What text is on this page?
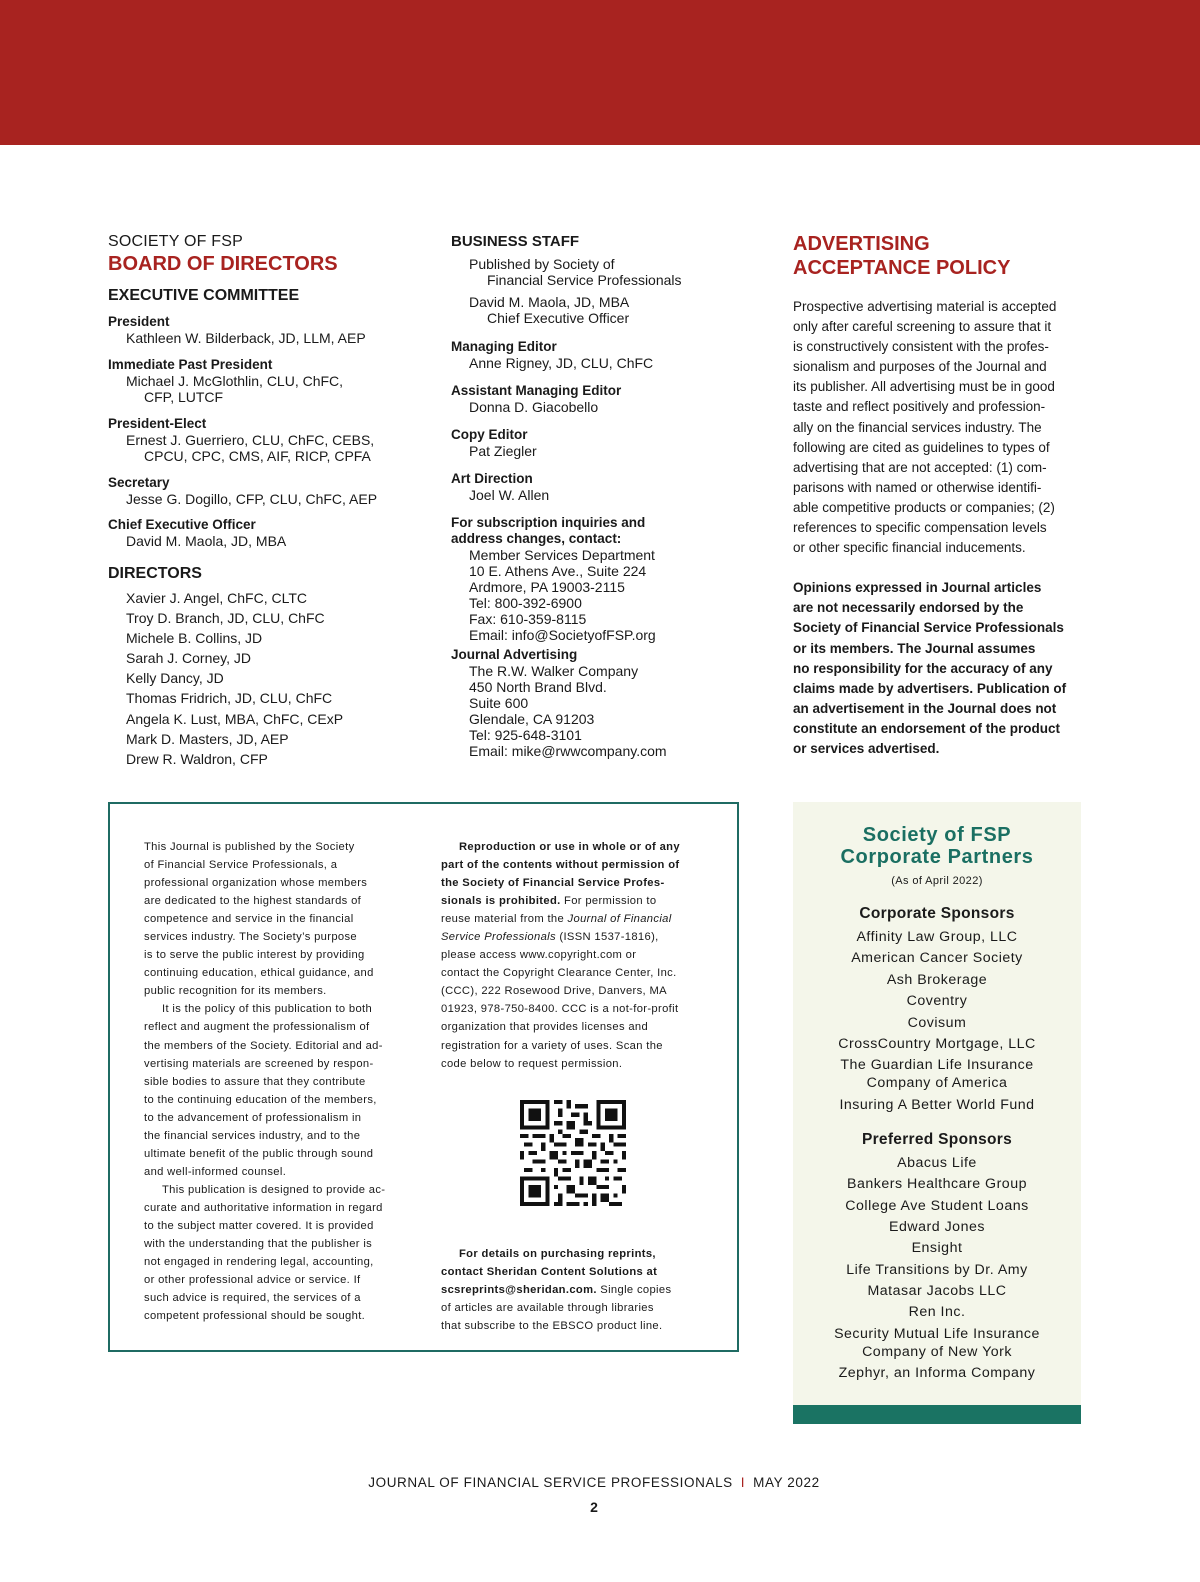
SOCIETY OF FSP

BOARD OF DIRECTORS

EXECUTIVE COMMITTEE

President

Kathleen W. Bilderback, JD, LLM, AEP

Immediate Past President

Michael J. McGlothlin, CLU, ChFC,

CFP, LUTCF

President-Elect

Ernest J. Guerriero, CLU, ChFC, CEBS,

CPCU, CPC, CMS, AIF, RICP, CPFA

Secretary

Jesse G. Dogillo, CFP, CLU, ChFC, AEP

Chief Executive Officer

David M. Maola, JD, MBA

DIRECTORS

Xavier J. Angel, ChFC, CLTC

Troy D. Branch, JD, CLU, ChFC

Michele B. Collins, JD

Sarah J. Corney, JD

Kelly Dancy, JD

Thomas Fridrich, JD, CLU, ChFC

Angela K. Lust, MBA, ChFC, CExP

Mark D. Masters, JD, AEP

Drew R. Waldron, CFP

BUSINESS STAFF

Published by Society of

Financial Service Professionals

David M. Maola, JD, MBA

Chief Executive Officer

Managing Editor

Anne Rigney, JD, CLU, ChFC

Assistant Managing Editor

Donna D. Giacobello

Copy Editor

Pat Ziegler

Art Direction

Joel W. Allen

For subscription inquiries and

address changes, contact:

Member Services Department

10 E. Athens Ave., Suite 224

Ardmore, PA 19003-2115

Tel: 800-392-6900

Fax: 610-359-8115

Email: info@SocietyofFSP.org

Journal Advertising

The R.W. Walker Company

450 North Brand Blvd.

Suite 600

Glendale, CA 91203

Tel: 925-648-3101

Email: mike@rwwcompany.com

ADVERTISING

ACCEPTANCE POLICY

Prospective advertising material is accepted

only after careful screening to assure that it

is constructively consistent with the profes-

sionalism and purposes of the Journal and

its publisher. All advertising must be in good

taste and reflect positively and profession-

ally on the financial services industry. The

following are cited as guidelines to types of

advertising that are not accepted: (1) com-

parisons with named or otherwise identifi-

able competitive products or companies; (2)

references to specific compensation levels

or other specific financial inducements.

Opinions expressed in Journal articles

are not necessarily endorsed by the

Society of Financial Service Professionals

or its members. The Journal assumes

no responsibility for the accuracy of any

claims made by advertisers. Publication of

an advertisement in the Journal does not

constitute an endorsement of the product

or services advertised.

This Journal is published by the Society

of Financial Service Professionals, a

professional organization whose members

are dedicated to the highest standards of

competence and service in the financial

services industry. The Society’s purpose

is to serve the public interest by providing

continuing education, ethical guidance, and

public recognition for its members.

It is the policy of this publication to both

reflect and augment the professionalism of

the members of the Society. Editorial and ad-

vertising materials are screened by respon-

sible bodies to assure that they contribute

to the continuing education of the members,

to the advancement of professionalism in

the financial services industry, and to the

ultimate benefit of the public through sound

and well-informed counsel.

This publication is designed to provide ac-

curate and authoritative information in regard

to the subject matter covered. It is provided

with the understanding that the publisher is

not engaged in rendering legal, accounting,

or other professional advice or service. If

such advice is required, the services of a

competent professional should be sought.

Reproduction or use in whole or of any

part of the contents without permission of

the Society of Financial Service Profes-

sionals is prohibited. For permission to

reuse material from the Journal of Financial

Service Professionals (ISSN 1537-1816),

please access www.copyright.com or

contact the Copyright Clearance Center, Inc.

(CCC), 222 Rosewood Drive, Danvers, MA

01923, 978-750-8400. CCC is a not-for-profit

organization that provides licenses and

registration for a variety of uses. Scan the

code below to request permission.

For details on purchasing reprints,

contact Sheridan Content Solutions at

scsreprints@sheridan.com. Single copies

of articles are available through libraries

that subscribe to the EBSCO product line.

Society of FSP

Corporate Partners

(As of April 2022)

Corporate Sponsors

Affinity Law Group, LLC

American Cancer Society

Ash Brokerage

Coventry

Covisum

CrossCountry Mortgage, LLC

The Guardian Life Insurance
Company of America

Insuring A Better World Fund

Preferred Sponsors

Abacus Life

Bankers Healthcare Group

College Ave Student Loans

Edward Jones

Ensight

Life Transitions by Dr. Amy

Matasar Jacobs LLC

Ren Inc.

Security Mutual Life Insurance
Company of New York

Zephyr, an Informa Company

JOURNAL OF FINANCIAL SERVICE PROFESSIONALS I MAY 2022
2
